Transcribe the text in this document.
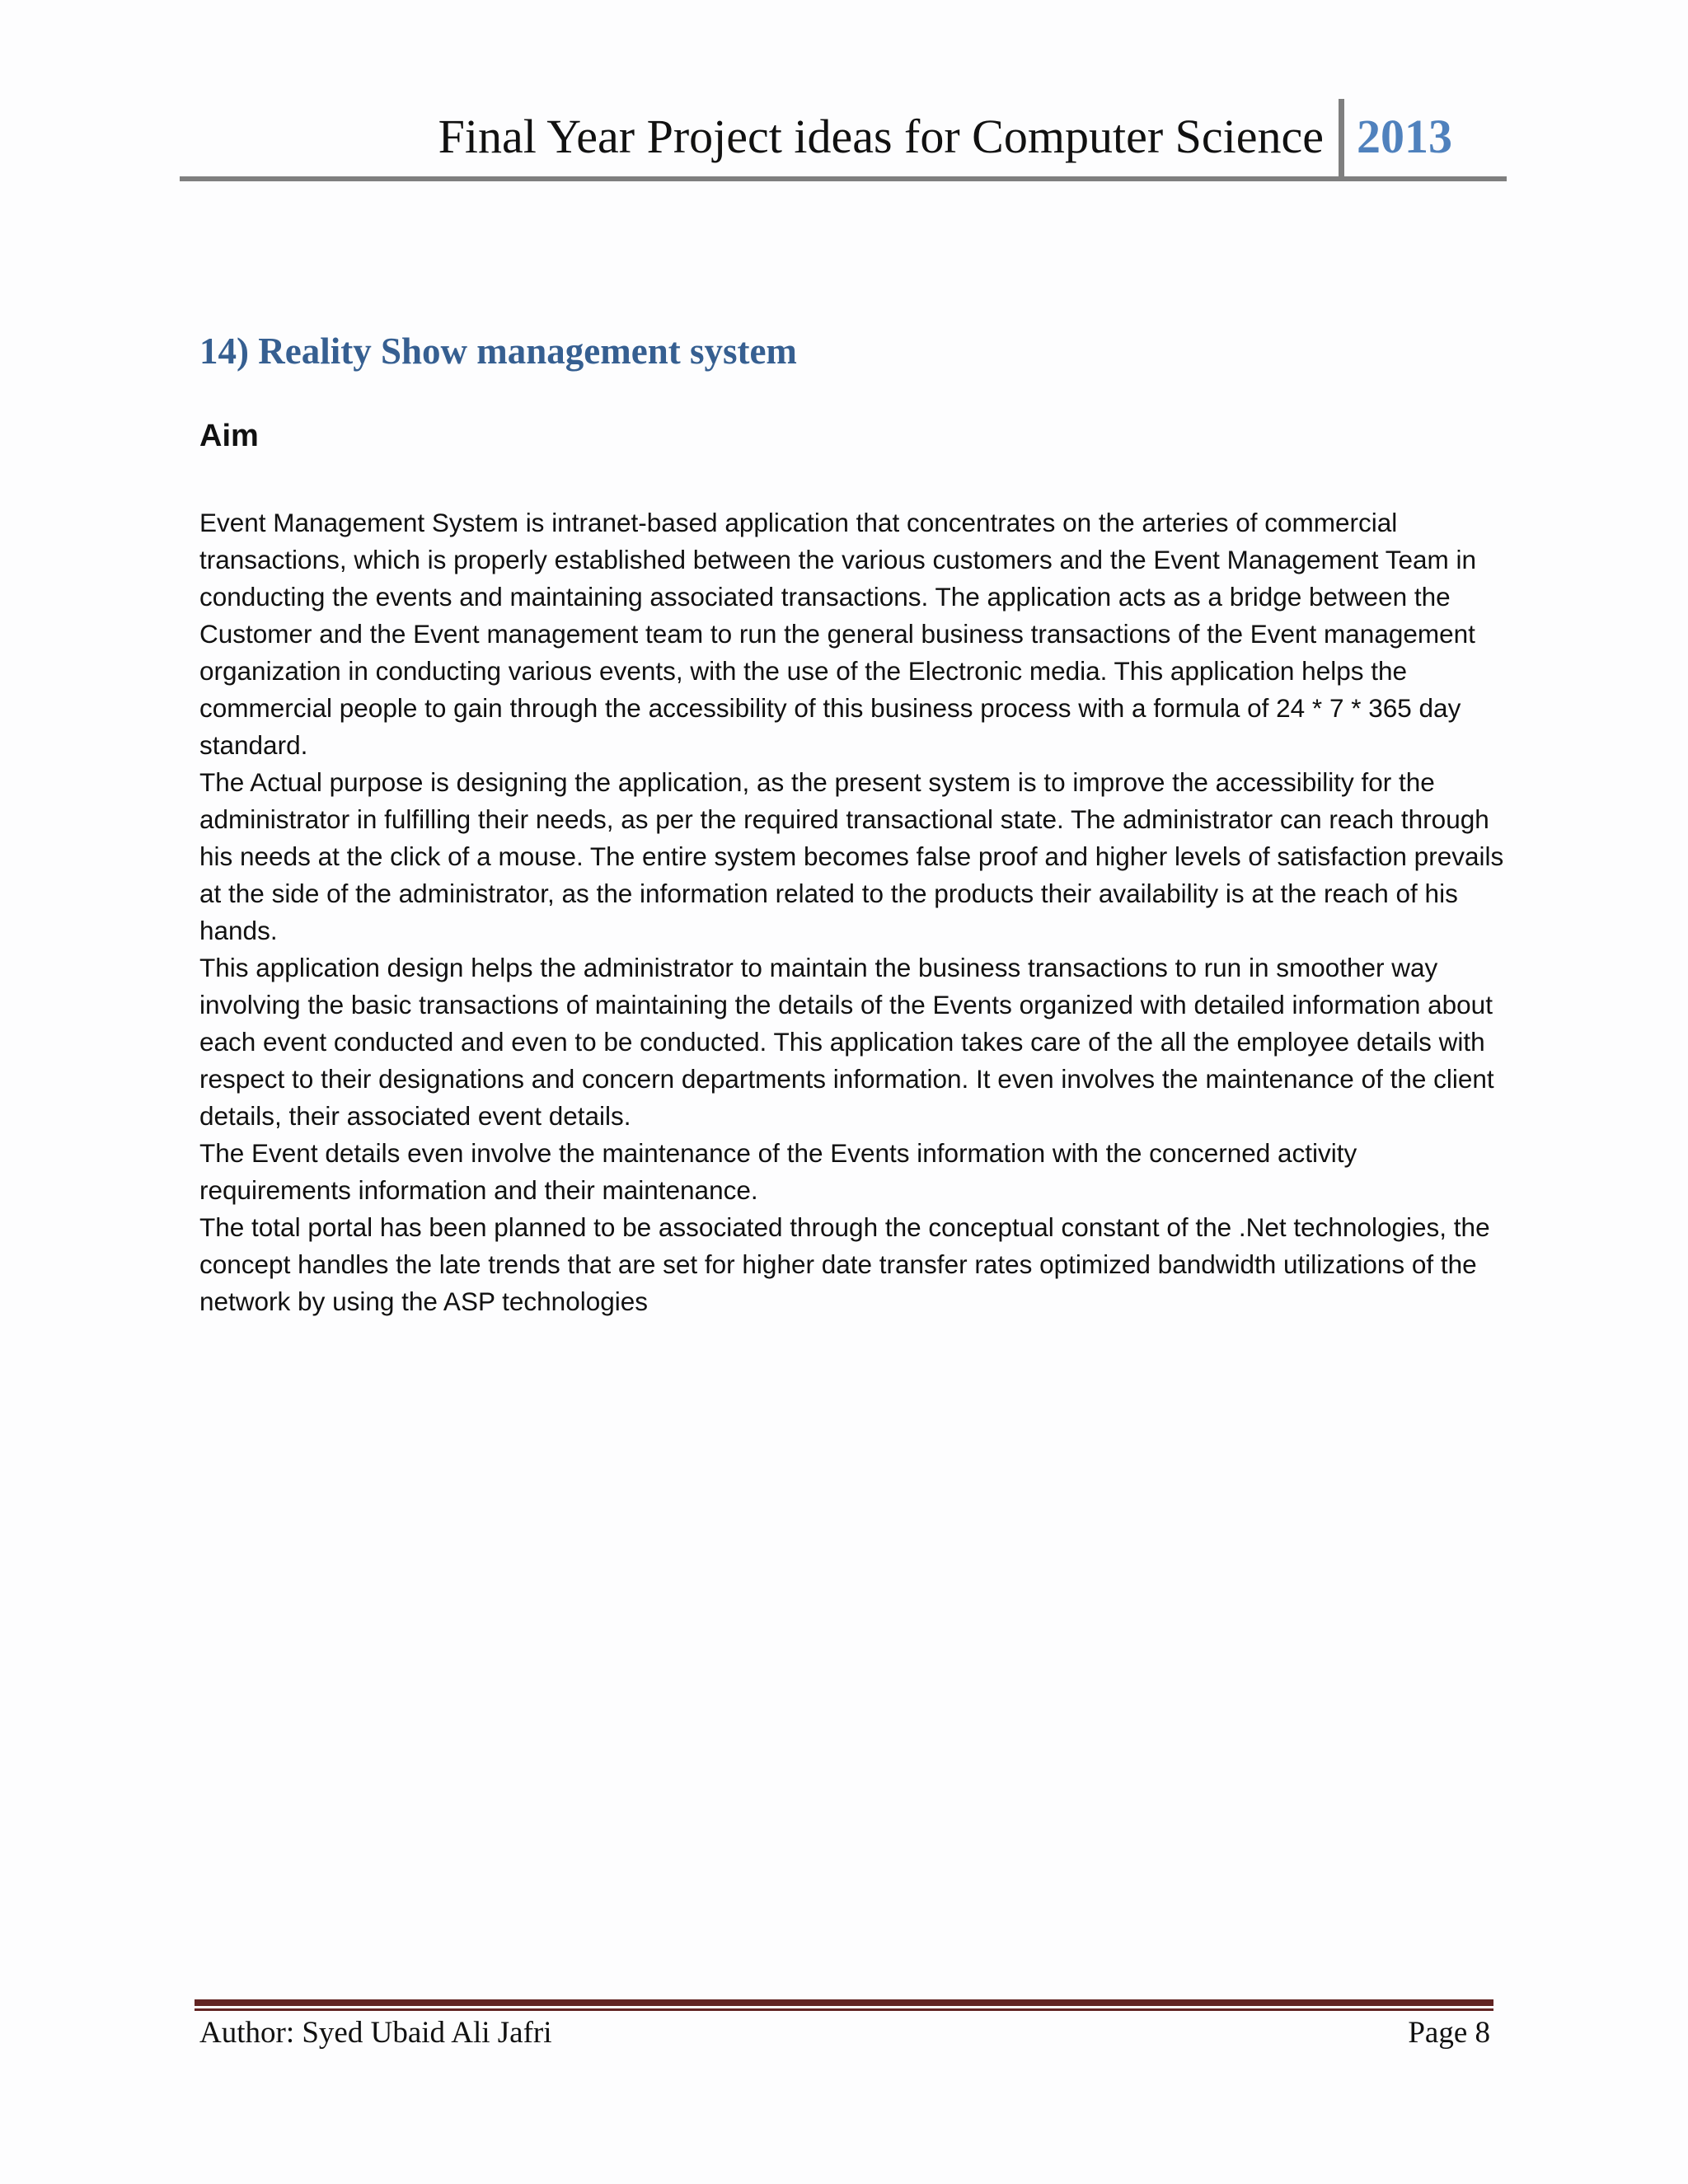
Final Year Project ideas for Computer Science 2013
14) Reality Show management system
Aim

Event Management System is intranet-based application that concentrates on the arteries of commercial transactions, which is properly established between the various customers and the Event Management Team in conducting the events and maintaining associated transactions. The application acts as a bridge between the Customer and the Event management team to run the general business transactions of the Event management organization in conducting various events, with the use of the Electronic media. This application helps the commercial people to gain through the accessibility of this business process with a formula of 24 * 7 * 365 day standard.

The Actual purpose is designing the application, as the present system is to improve the accessibility for the administrator in fulfilling their needs, as per the required transactional state. The administrator can reach through his needs at the click of a mouse. The entire system becomes false proof and higher levels of satisfaction prevails at the side of the administrator, as the information related to the products their availability is at the reach of his hands.

This application design helps the administrator to maintain the business transactions to run in smoother way involving the basic transactions of maintaining the details of the Events organized with detailed information about each event conducted and even to be conducted. This application takes care of the all the employee details with respect to their designations and concern departments information. It even involves the maintenance of the client details, their associated event details.

The Event details even involve the maintenance of the Events information with the concerned activity requirements information and their maintenance.

The total portal has been planned to be associated through the conceptual constant of the .Net technologies, the concept handles the late trends that are set for higher date transfer rates optimized bandwidth utilizations of the network by using the ASP technologies

Author: Syed Ubaid Ali Jafri	Page 8
